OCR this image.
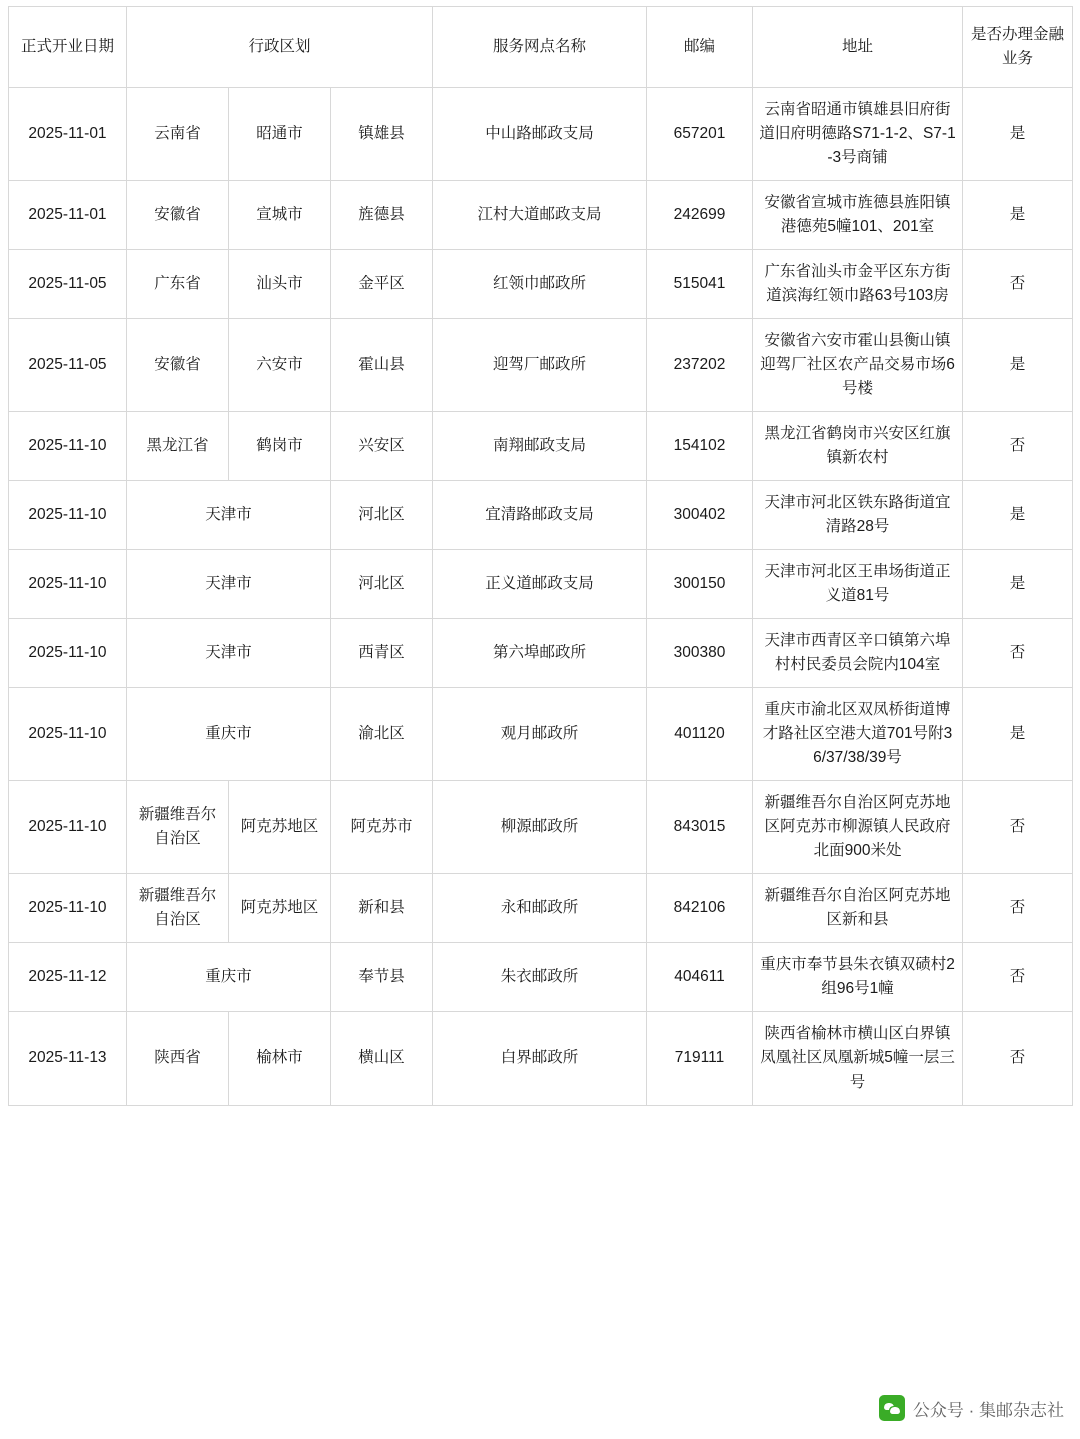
正式开业日期	行政区划			服务网点名称	邮编	地址	是否办理金融业务
2025-11-01	云南省	昭通市	镇雄县	中山路邮政支局	657201	云南省昭通市镇雄县旧府街道旧府明德路S71-1-2、S7-1-3号商铺	是
2025-11-01	安徽省	宣城市	旌德县	江村大道邮政支局	242699	安徽省宣城市旌德县旌阳镇港德苑5幢101、201室	是
2025-11-05	广东省	汕头市	金平区	红领巾邮政所	515041	广东省汕头市金平区东方街道滨海红领巾路63号103房	否
2025-11-05	安徽省	六安市	霍山县	迎驾厂邮政所	237202	安徽省六安市霍山县衡山镇迎驾厂社区农产品交易市场6号楼	是
2025-11-10	黑龙江省	鹤岗市	兴安区	南翔邮政支局	154102	黑龙江省鹤岗市兴安区红旗镇新农村	否
2025-11-10	天津市		河北区	宜清路邮政支局	300402	天津市河北区铁东路街道宜清路28号	是
2025-11-10	天津市		河北区	正义道邮政支局	300150	天津市河北区王串场街道正义道81号	是
2025-11-10	天津市		西青区	第六埠邮政所	300380	天津市西青区辛口镇第六埠村村民委员会院内104室	否
2025-11-10	重庆市		渝北区	观月邮政所	401120	重庆市渝北区双凤桥街道博才路社区空港大道701号附36/37/38/39号	是
2025-11-10	新疆维吾尔自治区	阿克苏地区	阿克苏市	柳源邮政所	843015	新疆维吾尔自治区阿克苏地区阿克苏市柳源镇人民政府北面900米处	否
2025-11-10	新疆维吾尔自治区	阿克苏地区	新和县	永和邮政所	842106	新疆维吾尔自治区阿克苏地区新和县	否
2025-11-12	重庆市		奉节县	朱衣邮政所	404611	重庆市奉节县朱衣镇双碛村2组96号1幢	否
2025-11-13	陕西省	榆林市	横山区	白界邮政所	719111	陕西省榆林市横山区白界镇凤凰社区凤凰新城5幢一层三号	否
公众号 · 集邮杂志社
